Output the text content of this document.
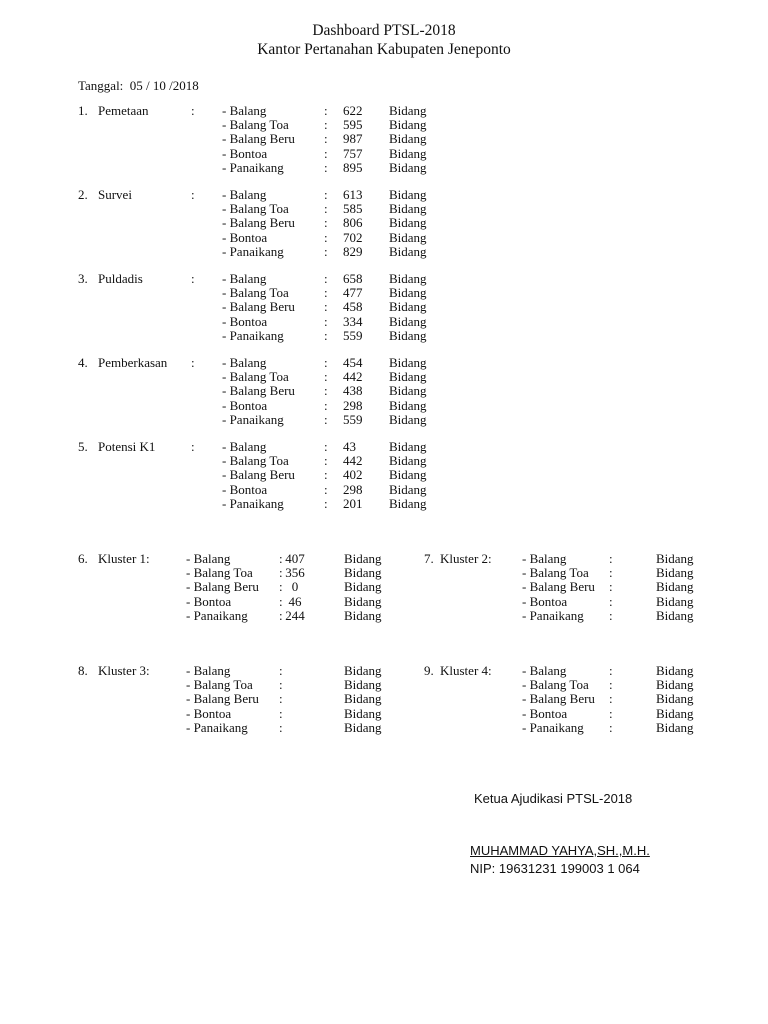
Dashboard PTSL-2018
Kantor Pertanahan Kabupaten Jeneponto
Tanggal: 05 / 10 /2018
1. Pemetaan	: - Balang	: 622 Bidang
- Balang Toa	: 595 Bidang
- Balang Beru : 987 Bidang
- Bontoa	: 757 Bidang
- Panaikang	: 895 Bidang
2. Survei	: - Balang	: 613 Bidang
- Balang Toa	: 585 Bidang
- Balang Beru : 806 Bidang
- Bontoa	: 702 Bidang
- Panaikang	: 829 Bidang
3. Puldadis	: - Balang	: 658 Bidang
- Balang Toa	: 477 Bidang
- Balang Beru : 458 Bidang
- Bontoa	: 334 Bidang
- Panaikang	: 559 Bidang
4. Pemberkasan : - Balang	: 454 Bidang
- Balang Toa	: 442 Bidang
- Balang Beru : 438 Bidang
- Bontoa	: 298 Bidang
- Panaikang	: 559 Bidang
5. Potensi K1	: - Balang	: 43	Bidang
- Balang Toa	: 442 Bidang
- Balang Beru : 402 Bidang
- Bontoa	: 298 Bidang
- Panaikang	: 201 Bidang
6. Kluster 1:	- Balang	: 407	Bidang
- Balang Toa : 356	Bidang
- Balang Beru : 0	Bidang
- Bontoa	: 46	Bidang
- Panaikang : 244	Bidang
7. Kluster 2: - Balang	:	Bidang
- Balang Toa :	Bidang
- Balang Beru :	Bidang
- Bontoa	:	Bidang
- Panaikang :	Bidang
8. Kluster 3:	- Balang	:	Bidang
- Balang Toa :	Bidang
- Balang Beru :	Bidang
- Bontoa	:	Bidang
- Panaikang :	Bidang
9. Kluster 4: - Balang	:	Bidang
- Balang Toa :	Bidang
- Balang Beru :	Bidang
- Bontoa	:	Bidang
- Panaikang :	Bidang
Ketua Ajudikasi PTSL-2018
MUHAMMAD YAHYA,SH.,M.H.
NIP: 19631231 199003 1 064
